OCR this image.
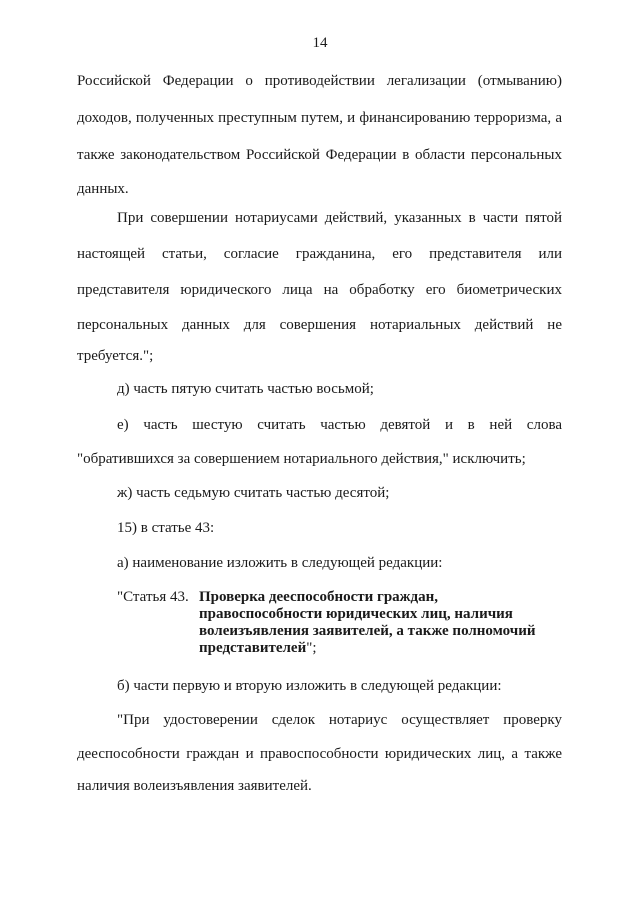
14
Российской Федерации о противодействии легализации (отмыванию)
доходов, полученных преступным путем, и финансированию терроризма, а
также законодательством Российской Федерации в области персональных
данных.
При совершении нотариусами действий, указанных в части пятой
настоящей статьи, согласие гражданина, его представителя или
представителя юридического лица на обработку его биометрических
персональных данных для совершения нотариальных действий не
требуется.";
д) часть пятую считать частью восьмой;
е) часть шестую считать частью девятой и в ней слова
"обратившихся за совершением нотариального действия," исключить;
ж) часть седьмую считать частью десятой;
15) в статье 43:
а) наименование изложить в следующей редакции:
"Статья 43. Проверка дееспособности граждан,
правоспособности юридических лиц, наличия
волеизъявления заявителей, а также полномочий
представителей";
б) части первую и вторую изложить в следующей редакции:
"При удостоверении сделок нотариус осуществляет проверку
дееспособности граждан и правоспособности юридических лиц, а также
наличия волеизъявления заявителей.
